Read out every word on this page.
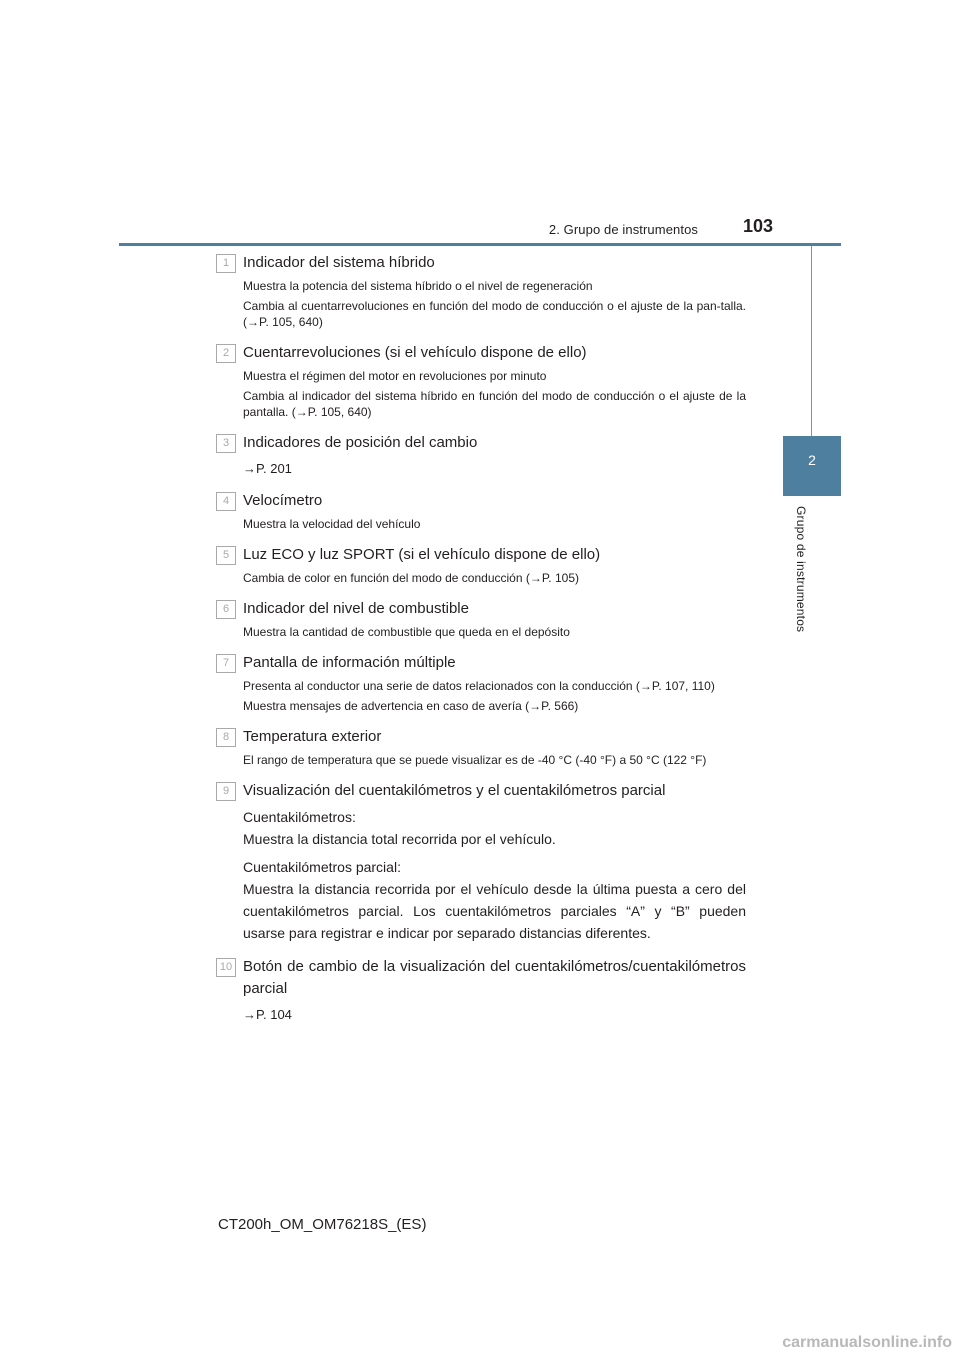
2. Grupo de instrumentos	103
2
Grupo de instrumentos
1 Indicador del sistema híbrido
Muestra la potencia del sistema híbrido o el nivel de regeneración
Cambia al cuentarrevoluciones en función del modo de conducción o el ajuste de la pan-talla. (→P. 105, 640)
2 Cuentarrevoluciones (si el vehículo dispone de ello)
Muestra el régimen del motor en revoluciones por minuto
Cambia al indicador del sistema híbrido en función del modo de conducción o el ajuste de la pantalla. (→P. 105, 640)
3 Indicadores de posición del cambio
→P. 201
4 Velocímetro
Muestra la velocidad del vehículo
5 Luz ECO y luz SPORT (si el vehículo dispone de ello)
Cambia de color en función del modo de conducción (→P. 105)
6 Indicador del nivel de combustible
Muestra la cantidad de combustible que queda en el depósito
7 Pantalla de información múltiple
Presenta al conductor una serie de datos relacionados con la conducción (→P. 107, 110)
Muestra mensajes de advertencia en caso de avería (→P. 566)
8 Temperatura exterior
El rango de temperatura que se puede visualizar es de -40 °C (-40 °F) a 50 °C (122 °F)
9 Visualización del cuentakilómetros y el cuentakilómetros parcial
Cuentakilómetros:
Muestra la distancia total recorrida por el vehículo.
Cuentakilómetros parcial:
Muestra la distancia recorrida por el vehículo desde la última puesta a cero del cuentakilómetros parcial. Los cuentakilómetros parciales “A” y “B” pueden usarse para registrar e indicar por separado distancias diferentes.
10 Botón de cambio de la visualización del cuentakilómetros/cuentakilómetros parcial
→P. 104
CT200h_OM_OM76218S_(ES)
carmanualsonline.info
